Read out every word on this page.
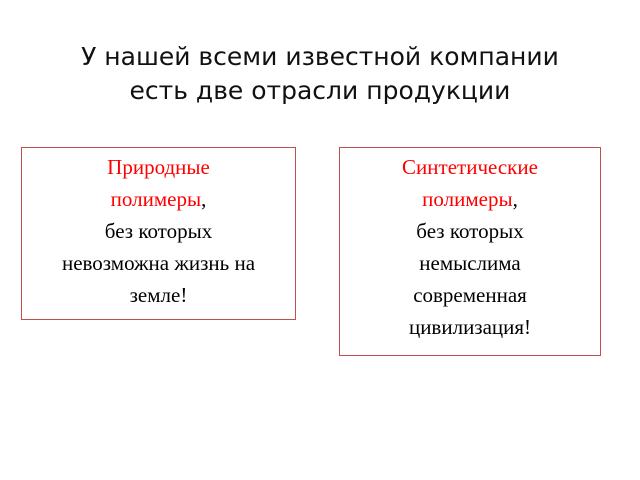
У нашей всеми известной компании
есть две отрасли продукции
Природные
полимеры,
без которых
невозможна жизнь на
земле!
Синтетические
полимеры,
без которых
немыслима
современная
цивилизация!
